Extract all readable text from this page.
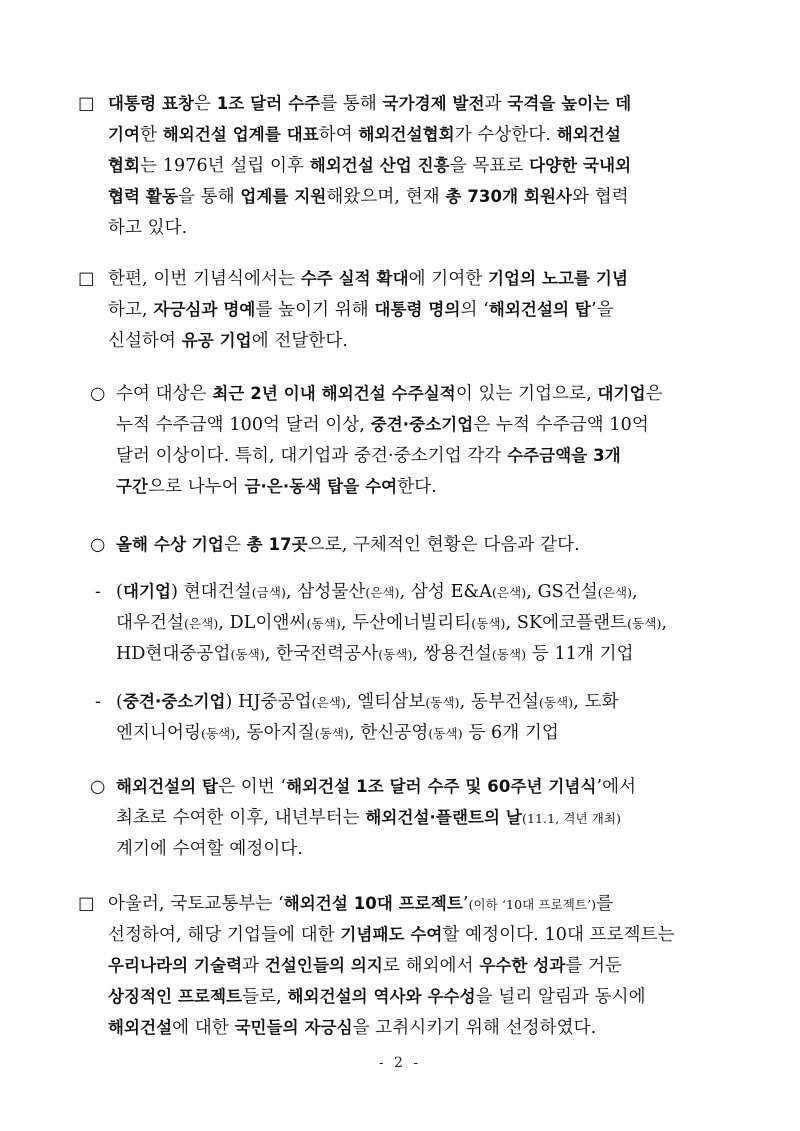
- 2 -
□ 대통령 표창은 1조 달러 수주를 통해 국가경제 발전과 국격을 높이는 데
기여한 해외건설 업계를 대표하여 해외건설협회가 수상한다. 해외건설
협회는 1976년 설립 이후 해외건설 산업 진흥을 목표로 다양한 국내외
협력 활동을 통해 업계를 지원해왔으며, 현재 총 730개 회원사와 협력
하고 있다.
□ 한편, 이번 기념식에서는 수주 실적 확대에 기여한 기업의 노고를 기념
하고, 자긍심과 명예를 높이기 위해 대통령 명의의 ‘해외건설의 탑’을
신설하여 유공 기업에 전달한다.
○ 수여 대상은 최근 2년 이내 해외건설 수주실적이 있는 기업으로, 대기업은
누적 수주금액 100억 달러 이상, 중견·중소기업은 누적 수주금액 10억
달러 이상이다. 특히, 대기업과 중견·중소기업 각각 수주금액을 3개
구간으로 나누어 금·은·동색 탑을 수여한다.
○ 올해 수상 기업은 총 17곳으로, 구체적인 현황은 다음과 같다.
- (대기업) 현대건설(금색), 삼성물산(은색), 삼성 E&A(은색), GS건설(은색),
대우건설(은색), DL이앤씨(동색), 두산에너빌리티(동색), SK에코플랜트(동색),
HD현대중공업(동색), 한국전력공사(동색), 쌍용건설(동색) 등 11개 기업
- (중견·중소기업) HJ중공업(은색), 엘티삼보(동색), 동부건설(동색), 도화
엔지니어링(동색), 동아지질(동색), 한신공영(동색) 등 6개 기업
○ 해외건설의 탑은 이번 ‘해외건설 1조 달러 수주 및 60주년 기념식’에서
최초로 수여한 이후, 내년부터는 해외건설·플랜트의 날(11.1, 격년 개최)
계기에 수여할 예정이다.
□ 아울러, 국토교통부는 ‘해외건설 10대 프로젝트’(이하 ‘10대 프로젝트’)를
선정하여, 해당 기업들에 대한 기념패도 수여할 예정이다. 10대 프로젝트는
우리나라의 기술력과 건설인들의 의지로 해외에서 우수한 성과를 거둔
상징적인 프로젝트들로, 해외건설의 역사와 우수성을 널리 알림과 동시에
해외건설에 대한 국민들의 자긍심을 고취시키기 위해 선정하였다.
